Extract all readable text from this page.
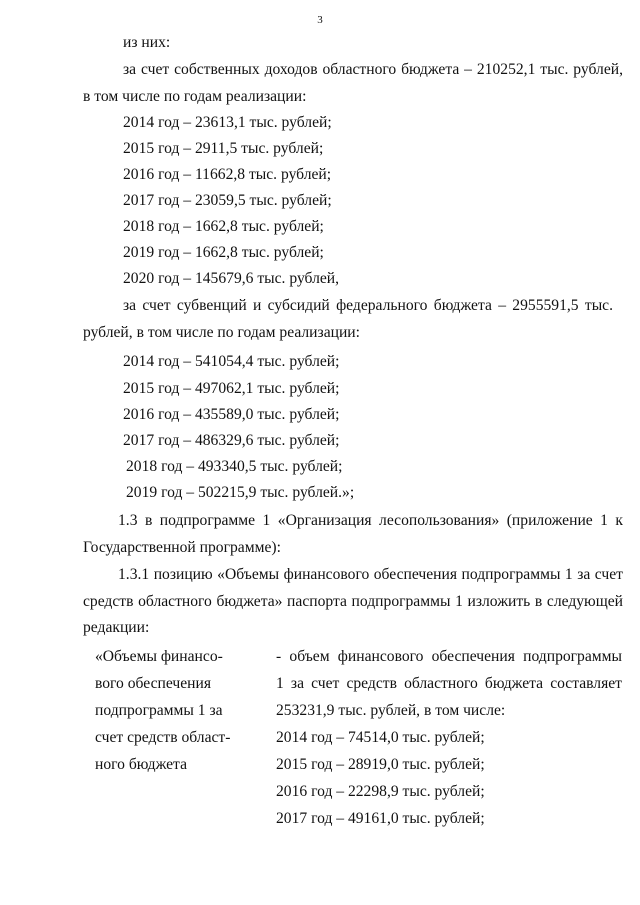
3
из них:
за счет собственных доходов областного бюджета – 210252,1 тыс. рублей,
в том числе по годам реализации:
2014 год – 23613,1 тыс. рублей;
2015 год – 2911,5 тыс. рублей;
2016 год – 11662,8 тыс. рублей;
2017 год – 23059,5 тыс. рублей;
2018 год – 1662,8 тыс. рублей;
2019 год – 1662,8 тыс. рублей;
2020 год – 145679,6 тыс. рублей,
за счет субвенций и субсидий федерального бюджета – 2955591,5 тыс.
рублей, в том числе по годам реализации:
2014 год – 541054,4 тыс. рублей;
2015 год – 497062,1 тыс. рублей;
2016 год – 435589,0 тыс. рублей;
2017 год – 486329,6 тыс. рублей;
2018 год – 493340,5 тыс. рублей;
2019 год – 502215,9 тыс. рублей.»;
1.3 в подпрограмме 1 «Организация лесопользования» (приложение 1 к
Государственной программе):
1.3.1 позицию «Объемы финансового обеспечения подпрограммы 1 за счет
средств областного бюджета» паспорта подпрограммы 1 изложить в следующей
редакции:
«Объемы финансо-
вого обеспечения
подпрограммы 1 за
счет средств област-
ного бюджета
- объем финансового обеспечения подпрограммы
1 за счет средств областного бюджета составляет
253231,9 тыс. рублей, в том числе:
2014 год – 74514,0 тыс. рублей;
2015 год – 28919,0 тыс. рублей;
2016 год – 22298,9 тыс. рублей;
2017 год – 49161,0 тыс. рублей;
